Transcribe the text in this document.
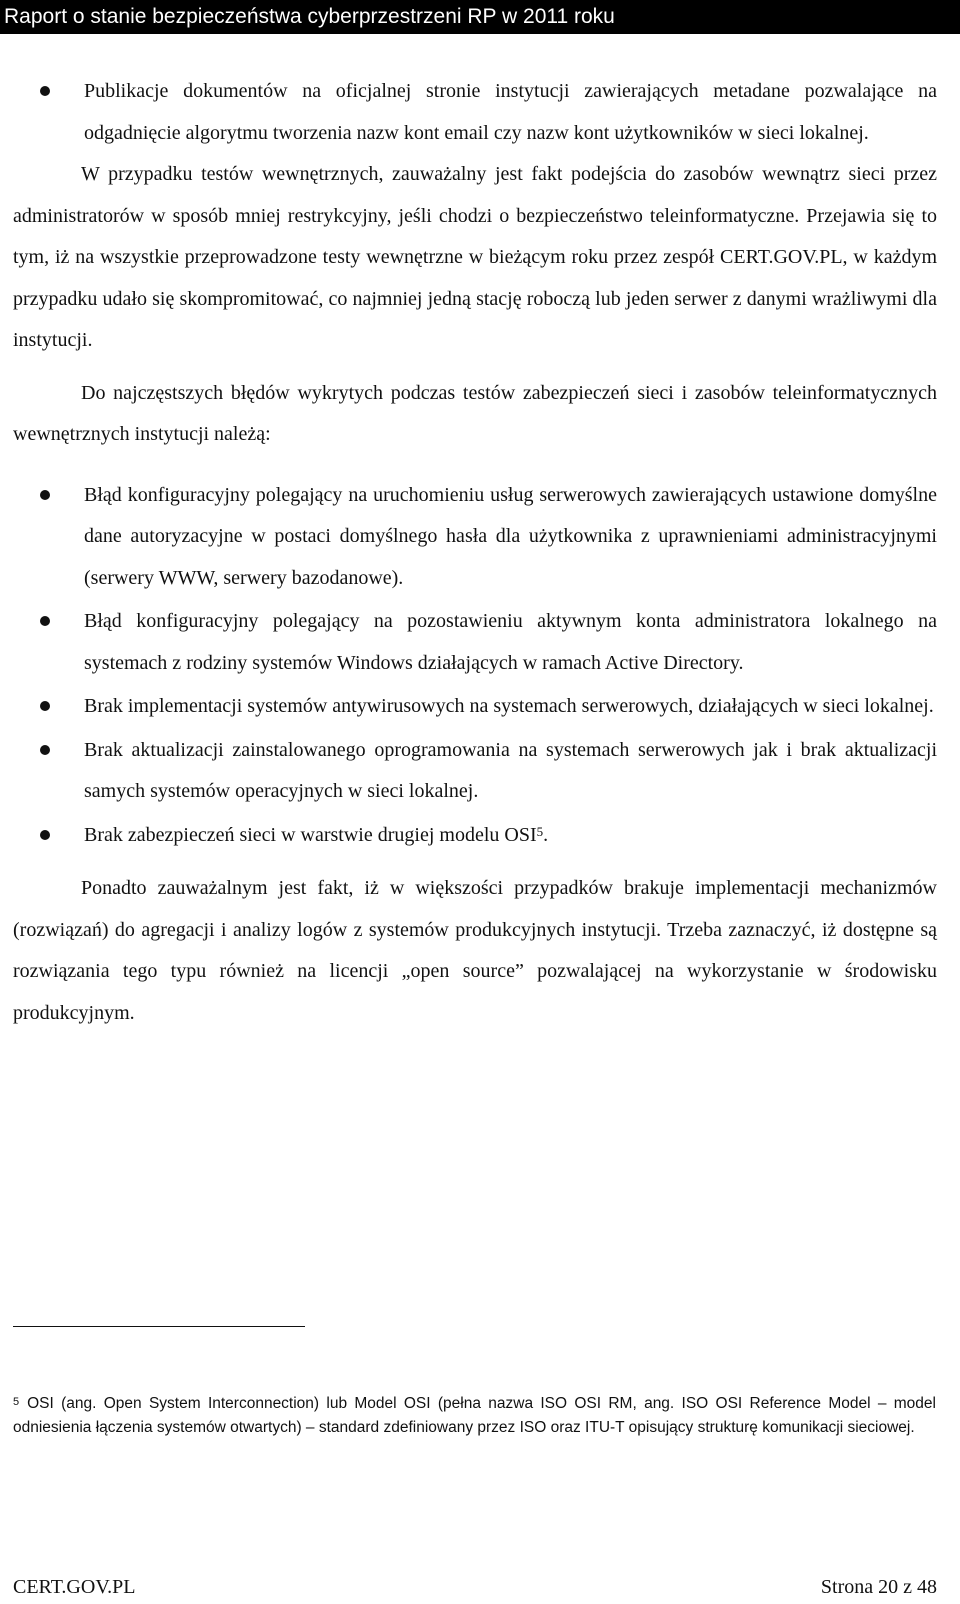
Raport o stanie bezpieczeństwa cyberprzestrzeni RP w 2011 roku
Publikacje dokumentów na oficjalnej stronie instytucji zawierających metadane pozwalające na odgadnięcie algorytmu tworzenia nazw kont email czy nazw kont użytkowników w sieci lokalnej.

W przypadku testów wewnętrznych, zauważalny jest fakt podejścia do zasobów wewnątrz sieci przez administratorów w sposób mniej restrykcyjny, jeśli chodzi o bezpieczeństwo teleinformatyczne. Przejawia się to tym, iż na wszystkie przeprowadzone testy wewnętrzne w bieżącym roku przez zespół CERT.GOV.PL, w każdym przypadku udało się skompromitować, co najmniej jedną stację roboczą lub jeden serwer z danymi wrażliwymi dla instytucji.

Do najczęstszych błędów wykrytych podczas testów zabezpieczeń sieci i zasobów teleinformatycznych wewnętrznych instytucji należą:

Błąd konfiguracyjny polegający na uruchomieniu usług serwerowych zawierających ustawione domyślne dane autoryzacyjne w postaci domyślnego hasła dla użytkownika z uprawnieniami administracyjnymi (serwery WWW, serwery bazodanowe).
Błąd konfiguracyjny polegający na pozostawieniu aktywnym konta administratora lokalnego na systemach z rodziny systemów Windows działających w ramach Active Directory.
Brak implementacji systemów antywirusowych na systemach serwerowych, działających w sieci lokalnej.
Brak aktualizacji zainstalowanego oprogramowania na systemach serwerowych jak i brak aktualizacji samych systemów operacyjnych w sieci lokalnej.
Brak zabezpieczeń sieci w warstwie drugiej modelu OSI$^5$.

Ponadto zauważalnym jest fakt, iż w większości przypadków brakuje implementacji mechanizmów (rozwiązań) do agregacji i analizy logów z systemów produkcyjnych instytucji. Trzeba zaznaczyć, iż dostępne są rozwiązania tego typu również na licencji „open source” pozwalającej na wykorzystanie w środowisku produkcyjnym.

$^5$ OSI (ang. Open System Interconnection) lub Model OSI (pełna nazwa ISO OSI RM, ang. ISO OSI Reference Model – model odniesienia łączenia systemów otwartych) – standard zdefiniowany przez ISO oraz ITU-T opisujący strukturę komunikacji sieciowej.
CERT.GOV.PL	Strona 20 z 48
